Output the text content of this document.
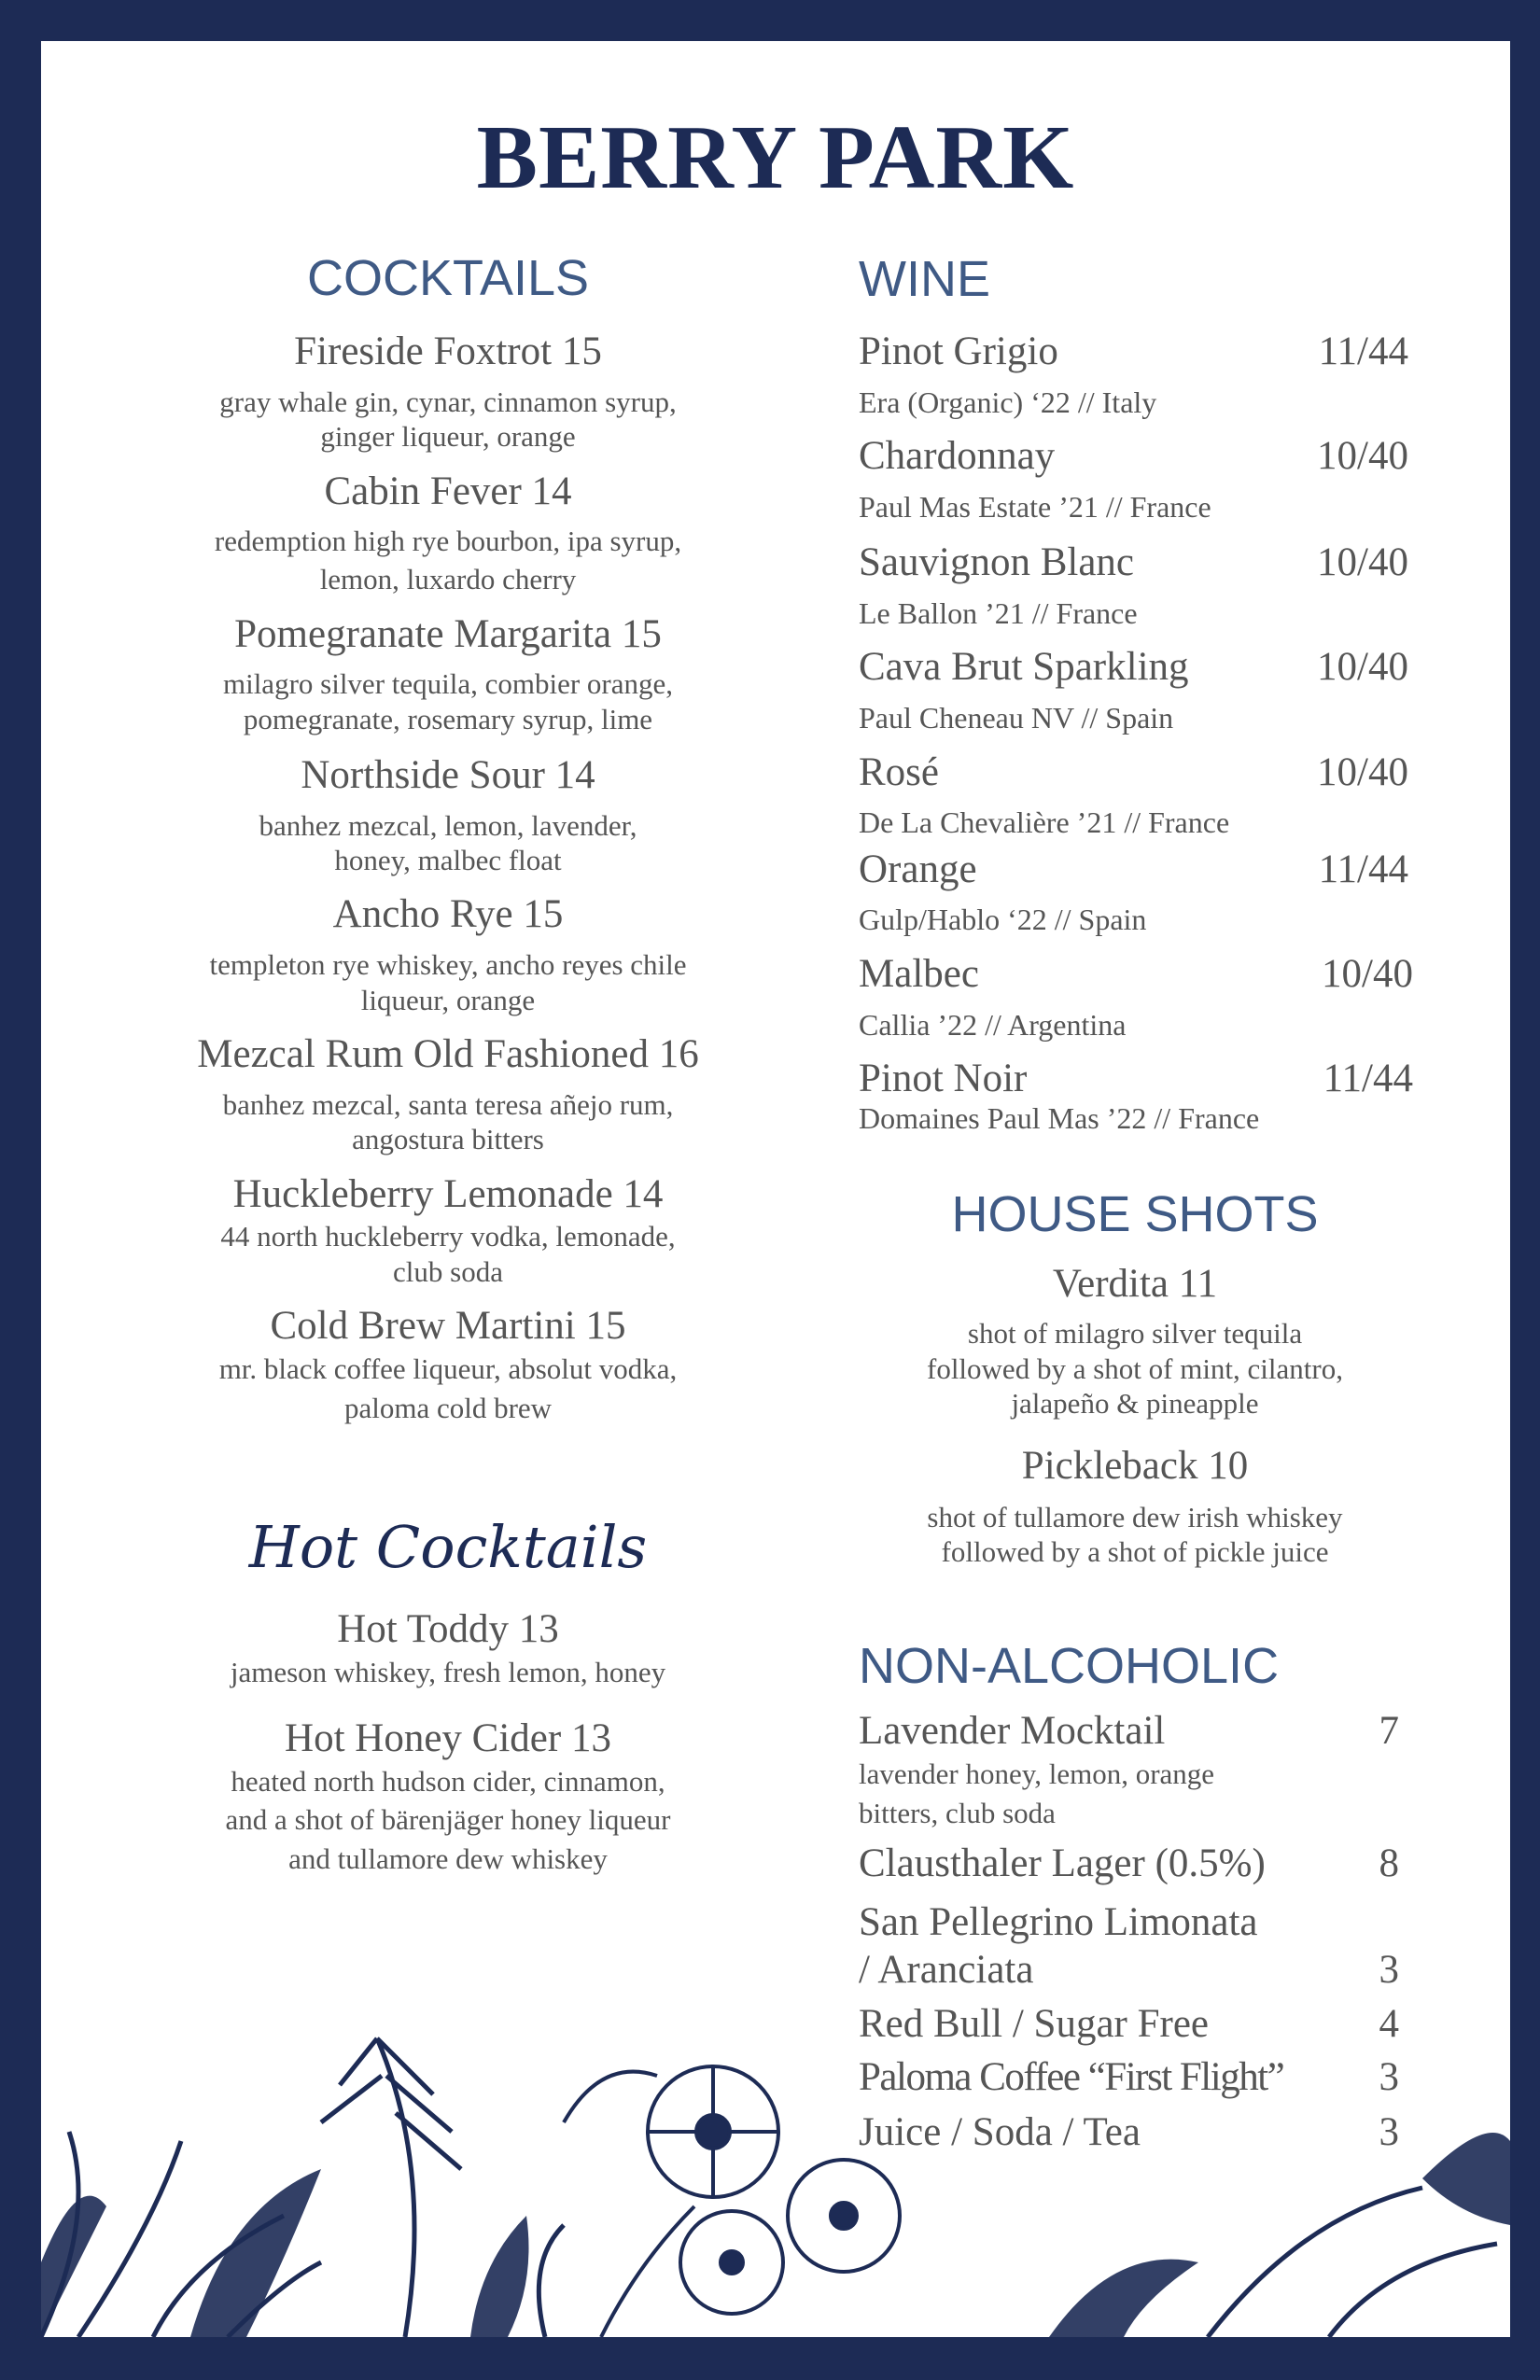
BERRY PARK
COCKTAILS
Fireside Foxtrot 15
gray whale gin, cynar, cinnamon syrup,
ginger liqueur, orange
Cabin Fever 14
redemption high rye bourbon, ipa syrup,
lemon, luxardo cherry
Pomegranate Margarita 15
milagro silver tequila, combier orange,
pomegranate, rosemary syrup, lime
Northside Sour 14
banhez mezcal, lemon, lavender,
honey, malbec float
Ancho Rye 15
templeton rye whiskey, ancho reyes chile
liqueur, orange
Mezcal Rum Old Fashioned 16
banhez mezcal, santa teresa añejo rum,
angostura bitters
Huckleberry Lemonade 14
44 north huckleberry vodka, lemonade,
club soda
Cold Brew Martini 15
mr. black coffee liqueur, absolut vodka,
paloma cold brew
Hot Cocktails
Hot Toddy 13
jameson whiskey, fresh lemon, honey
Hot Honey Cider 13
heated north hudson cider, cinnamon,
and a shot of bärenjäger honey liqueur
and tullamore dew whiskey
WINE
Pinot Grigio	11/44
Era (Organic) ‘22 // Italy
Chardonnay	10/40
Paul Mas Estate ’21 // France
Sauvignon Blanc	10/40
Le Ballon ’21 // France
Cava Brut Sparkling	10/40
Paul Cheneau NV // Spain
Rosé	10/40
De La Chevalière ’21 // France
Orange	11/44
Gulp/Hablo ‘22 // Spain
Malbec	10/40
Callia ’22 // Argentina
Pinot Noir	11/44
Domaines Paul Mas ’22 // France
HOUSE SHOTS
Verdita 11
shot of milagro silver tequila
followed by a shot of mint, cilantro,
jalapeño & pineapple
Pickleback 10
shot of tullamore dew irish whiskey
followed by a shot of pickle juice
NON-ALCOHOLIC
Lavender Mocktail	7
lavender honey, lemon, orange
bitters, club soda
Clausthaler Lager (0.5%)	8
San Pellegrino Limonata
/ Aranciata	3
Red Bull / Sugar Free	4
Paloma Coffee “First Flight”	3
Juice / Soda / Tea	3
